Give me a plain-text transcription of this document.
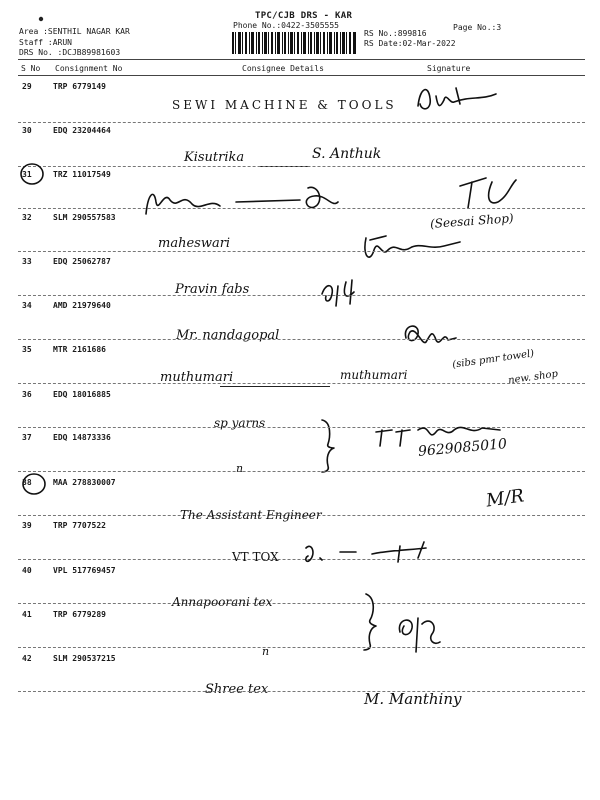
TPC/CJB DRS - KAR
Phone No.:0422-3505555	Page No.:3
Area :SENTHIL NAGAR KAR
Staff :ARUN
DRS No. :DCJB89981603
RS No.:899816
RS Date:02-Mar-2022
S No Consignment No	Consignee Details	Signature
29	TRP 6779149
SEWI MACHINE & TOOLS
30	EDQ 23204464
Kisutrika	S. Anthuk
31	TRZ 11017549
(Seesai Shop)
32	SLM 290557583
maheswari
33	EDQ 25062787
Pravin fabs
34	AMD 21979640
Mr. nandagopal
35	MTR 2161686
muthumari	muthumari
(sibs pmr towel)
new. shop
36	EDQ 18016885
sp yarns
37	EDQ 14873336	9629085010
n
38	MAA 278830007
M/R
39	TRP 7707522
The Assistant Engineer
40	VPL 517769457
VT TOX
41	TRP 6779289
Annapoorani tex
n
42	SLM 290537215
Shree tex
M. Manthiny
